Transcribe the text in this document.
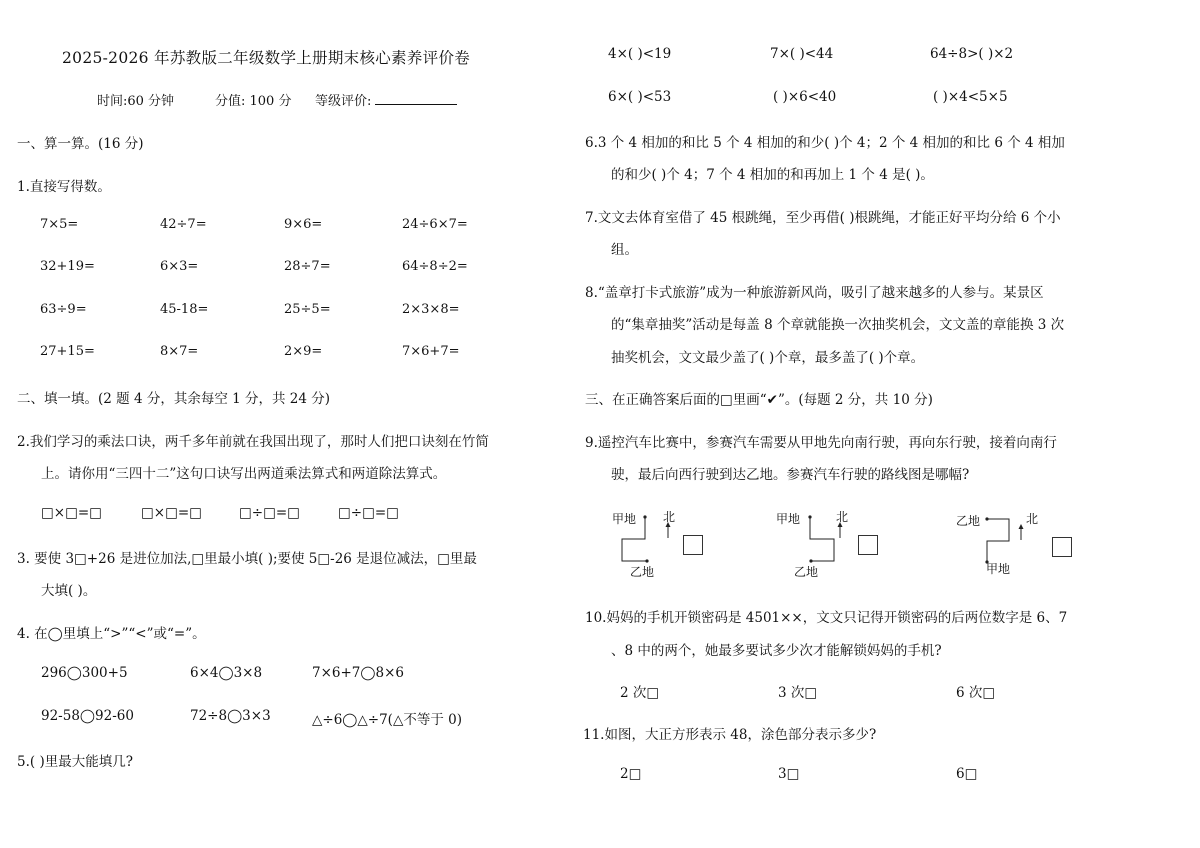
2025-2026 年苏教版二年级数学上册期末核心素养评价卷
时间:60 分钟	分值: 100 分 等级评价:
一、算一算。(16 分)
1.直接写得数。
7×5=	42÷7=	9×6=	24÷6×7=
32+19=	6×3=	28÷7=	64÷8÷2=
63÷9=	45-18=	25÷5=	2×3×8=
27+15=	8×7=	2×9=	7×6+7=
二、填一填。(2 题 4 分，其余每空 1 分，共 24 分)
2.我们学习的乘法口诀，两千多年前就在我国出现了，那时人们把口诀刻在竹简
上。请你用“三四十二”这句口诀写出两道乘法算式和两道除法算式。
□×□=□	□×□=□	□÷□=□	□÷□=□
3. 要使 3□+26 是进位加法,□里最小填( );要使 5□-26 是退位减法，□里最
大填( )。
4. 在◯里填上“>”“<”或“=”。
296◯300+5	6×4◯3×8	7×6+7◯8×6
92-58◯92-60	72÷8◯3×3	△÷6◯△÷7(△不等于 0)
5.( )里最大能填几?
4×( )<19	7×( )<44	64÷8>( )×2
6×( )<53	( )×6<40	( )×4<5×5
6.3 个 4 相加的和比 5 个 4 相加的和少( )个 4；2 个 4 相加的和比 6 个 4 相加
的和少( )个 4；7 个 4 相加的和再加上 1 个 4 是( )。
7.文文去体育室借了 45 根跳绳，至少再借( )根跳绳，才能正好平均分给 6 个小
组。
8.“盖章打卡式旅游”成为一种旅游新风尚，吸引了越来越多的人参与。某景区
的“集章抽奖”活动是每盖 8 个章就能换一次抽奖机会，文文盖的章能换 3 次
抽奖机会，文文最少盖了( )个章，最多盖了( )个章。
三、在正确答案后面的□里画“✔”。(每题 2 分，共 10 分)
9.遥控汽车比赛中，参赛汽车需要从甲地先向南行驶，再向东行驶，接着向南行
驶，最后向西行驶到达乙地。参赛汽车行驶的路线图是哪幅?
甲地
乙地
北	甲地
乙地
北	乙地
甲地
北
10.妈妈的手机开锁密码是 4501××，文文只记得开锁密码的后两位数字是 6、7
、8 中的两个，她最多要试多少次才能解锁妈妈的手机?
2 次□	3 次□	6 次□
11.如图，大正方形表示 48，涂色部分表示多少?
2□	3□	6□
